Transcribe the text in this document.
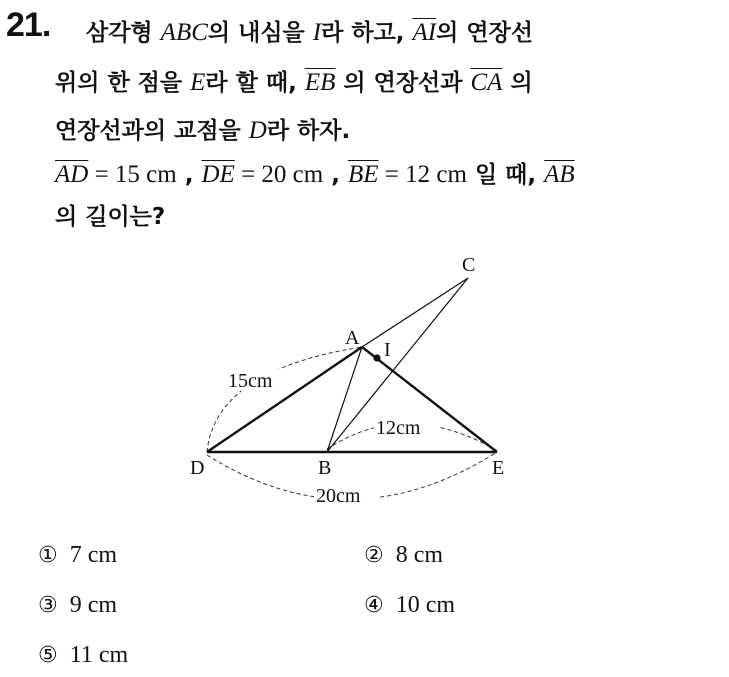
21. 삼각형 ABC의 내심을 I라 하고, $\overline{AI}$의 연장선
위의 한 점을 E라 할 때, $\overline{EB}$ 의 연장선과 $\overline{CA}$ 의
연장선과의 교점을 D라 하자.
$\overline{AD} = 15$ cm , $\overline{DE} = 20$ cm , $\overline{BE} = 12$ cm 일 때, $\overline{AB}$
의 길이는?
C
A
I
D	B	E
15cm
12cm
20cm
① 7 cm	② 8 cm
③ 9 cm	④ 10 cm
⑤ 11 cm
